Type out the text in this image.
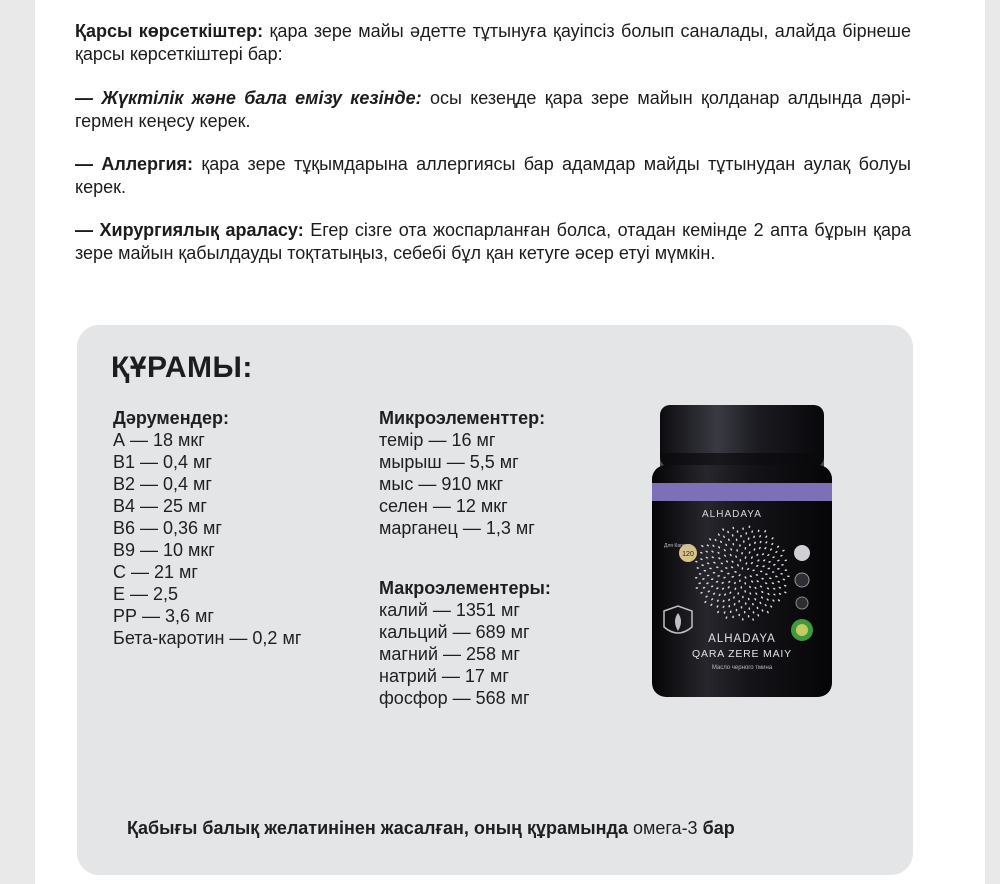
Қарсы көрсеткіштер: қара зере майы әдетте тұтынуға қауіпсіз болып саналады, алайда бірнеше қарсы көрсеткіштері бар:
— Жүктілік және бала емізу кезінде: осы кезеңде қара зере майын қолданар алдында дәрі-гермен кеңесу керек.
— Аллергия: қара зере тұқымдарына аллергиясы бар адамдар майды тұтынудан аулақ болуы керек.
— Хирургиялық араласу: Егер сізге ота жоспарланған болса, отадан кемінде 2 апта бұрын қара зере майын қабылдауды тоқтатыңыз, себебі бұл қан кетуге әсер етуі мүмкін.
ҚҰРАМЫ:
Дәрумендер:
А — 18 мкг
В1 — 0,4 мг
В2 — 0,4 мг
В4 — 25 мг
В6 — 0,36 мг
В9 — 10 мкг
С — 21 мг
Е — 2,5
РР — 3,6 мг
Бета-каротин — 0,2 мг
Микроэлементтер:
темір — 16 мг
мырыш — 5,5 мг
мыс — 910 мкг
селен — 12 мкг
марганец — 1,3 мг
Макроэлементеры:
калий — 1351 мг
кальций — 689 мг
магний — 258 мг
натрий — 17 мг
фосфор — 568 мг
ALHADAYA
120
Для Капсул
ALHADAYA
QARA ZERE MAIY
Масло черного тмина
Қабығы балық желатинінен жасалған, оның құрамында омега-3 бар
